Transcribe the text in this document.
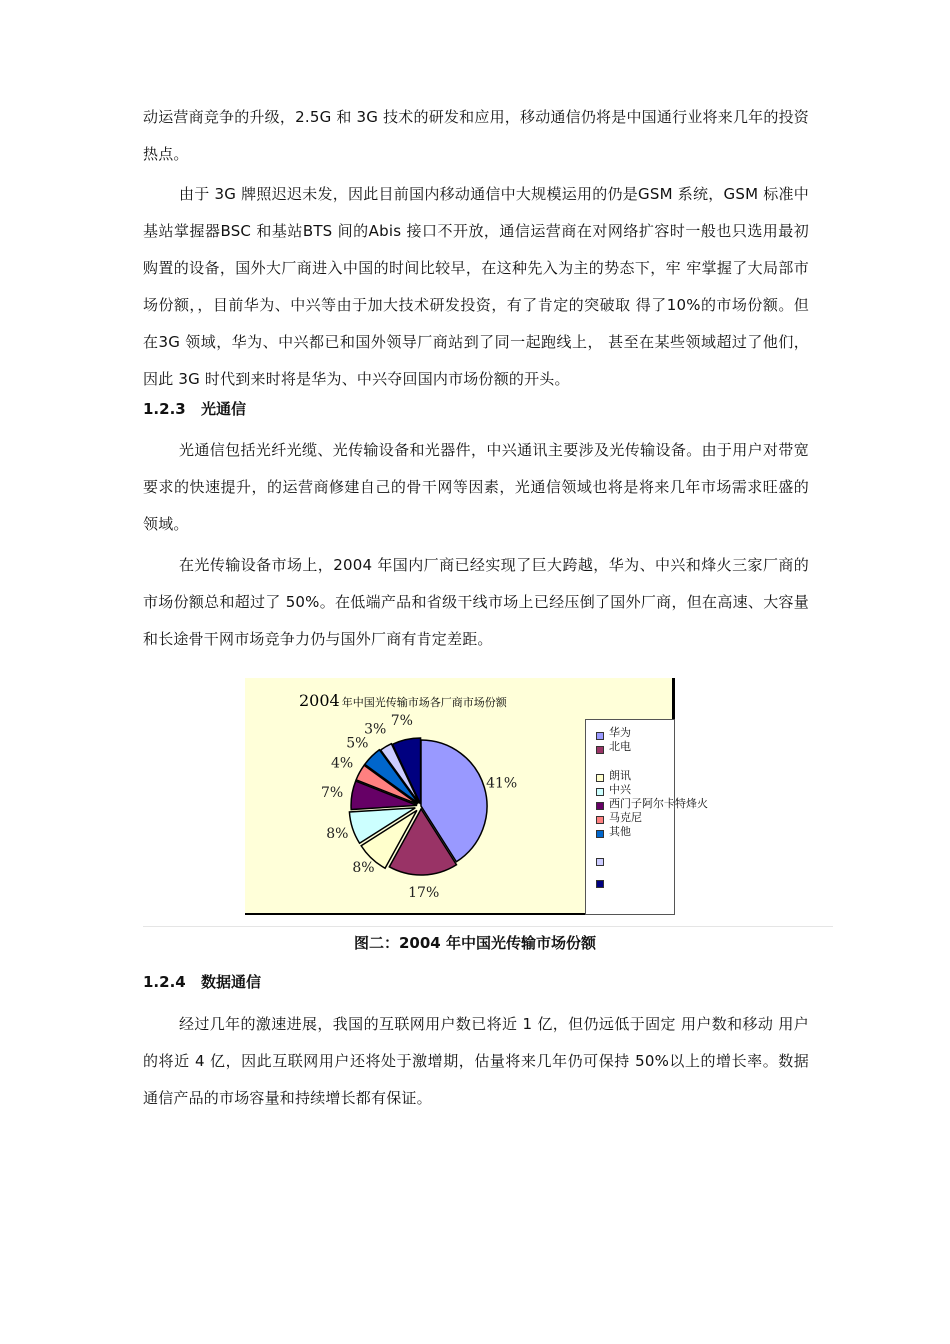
动运营商竞争的升级，2.5G 和 3G 技术的研发和应用，移动通信仍将是中国通行业将来几年的投资热点。

由于 3G 牌照迟迟未发，因此目前国内移动通信中大规模运用的仍是GSM 系统，GSM 标准中基站掌握器BSC 和基站BTS 间的Abis 接口不开放，通信运营商在对网络扩容时一般也只选用最初购置的设备，国外大厂商进入中国的时间比较早，在这种先入为主的势态下，牢 牢掌握了大局部市场份额，，目前华为、中兴等由于加大技术研发投资，有了肯定的突破取 得了10%的市场份额。但在3G 领域，华为、中兴都已和国外领导厂商站到了同一起跑线上， 甚至在某些领域超过了他们，因此 3G 时代到来时将是华为、中兴夺回国内市场份额的开头。

1.2.3 光通信

光通信包括光纤光缆、光传输设备和光器件，中兴通讯主要涉及光传输设备。由于用户对带宽要求的快速提升，的运营商修建自己的骨干网等因素，光通信领域也将是将来几年市场需求旺盛的领域。

在光传输设备市场上，2004 年国内厂商已经实现了巨大跨越，华为、中兴和烽火三家厂商的市场份额总和超过了 50%。在低端产品和省级干线市场上已经压倒了国外厂商，但在高速、大容量和长途骨干网市场竞争力仍与国外厂商有肯定差距。

2004 年中国光传输市场各厂商市场份额
41%
17%
8%
8%
7%
4%
5%
3%
7%
华为
北电
朗讯
中兴
西门子阿尔卡特烽火
马克尼
其他
图二：2004 年中国光传输市场份额
1.2.4 数据通信

经过几年的激速进展，我国的互联网用户数已将近 1 亿，但仍远低于固定 用户数和移动 用户的将近 4 亿，因此互联网用户还将处于激增期，估量将来几年仍可保持 50%以上的增长率。数据通信产品的市场容量和持续增长都有保证。
